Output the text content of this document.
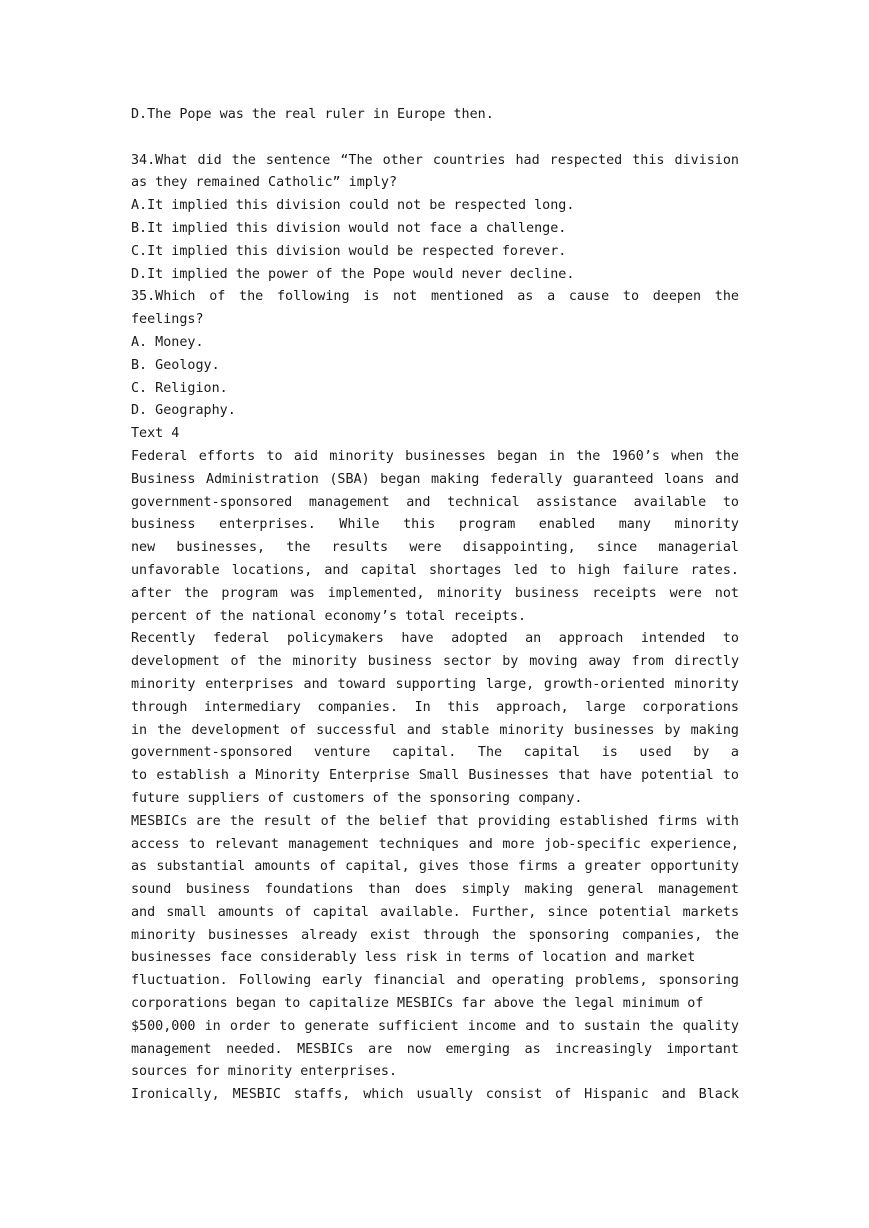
D.The Pope was the real ruler in Europe then.
34.What did the sentence “The other countries had respected this division
as they remained Catholic” imply?
A.It implied this division could not be respected long.
B.It implied this division would not face a challenge.
C.It implied this division would be respected forever.
D.It implied the power of the Pope would never decline.
35.Which of the following is not mentioned as a cause to deepen the
feelings?
A. Money.
B. Geology.
C. Religion.
D. Geography.
Text 4
Federal efforts to aid minority businesses began in the 1960’s when the
Business Administration (SBA) began making federally guaranteed loans and
government-sponsored management and technical assistance available to
business enterprises. While this program enabled many minority
new businesses, the results were disappointing, since managerial
unfavorable locations, and capital shortages led to high failure rates.
after the program was implemented, minority business receipts were not
percent of the national economy’s total receipts.
Recently federal policymakers have adopted an approach intended to
development of the minority business sector by moving away from directly
minority enterprises and toward supporting large, growth-oriented minority
through intermediary companies. In this approach, large corporations
in the development of successful and stable minority businesses by making
government-sponsored venture capital. The capital is used by a
to establish a Minority Enterprise Small Businesses that have potential to
future suppliers of customers of the sponsoring company.
MESBICs are the result of the belief that providing established firms with
access to relevant management techniques and more job-specific experience,
as substantial amounts of capital, gives those firms a greater opportunity
sound business foundations than does simply making general management
and small amounts of capital available. Further, since potential markets
minority businesses already exist through the sponsoring companies, the
businesses face considerably less risk in terms of location and market
fluctuation. Following early financial and operating problems, sponsoring
corporations began to capitalize MESBICs far above the legal minimum of
$500,000 in order to generate sufficient income and to sustain the quality
management needed. MESBICs are now emerging as increasingly important
sources for minority enterprises.
Ironically, MESBIC staffs, which usually consist of Hispanic and Black
